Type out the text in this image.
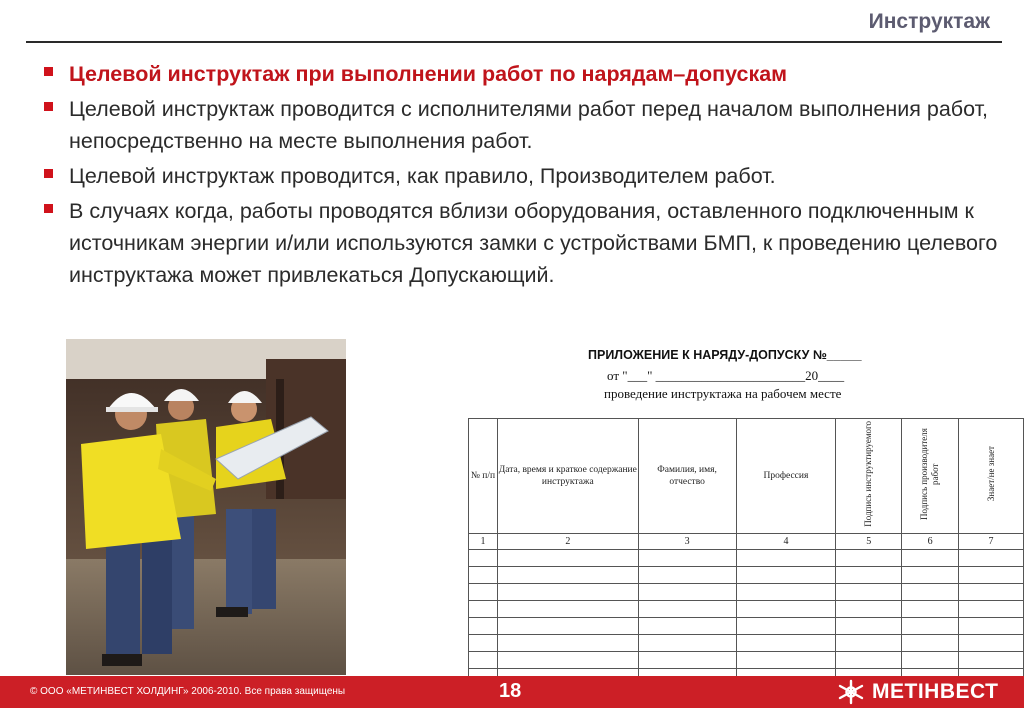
Инструктаж
Целевой инструктаж при выполнении работ по нарядам–допускам
Целевой инструктаж проводится с исполнителями работ перед началом выполнения работ, непосредственно на месте выполнения работ.
Целевой инструктаж проводится, как правило, Производителем работ.
В случаях когда, работы проводятся вблизи оборудования, оставленного подключенным к источникам энергии и/или используются замки с устройствами БМП, к проведению целевого инструктажа может привлекаться Допускающий.
ПРИЛОЖЕНИЕ К НАРЯДУ-ДОПУСКУ №_____
от "___" _______________________20____
проведение инструктажа на рабочем месте
№ п/п	Дата, время и краткое содержание инструктажа	Фамилия, имя, отчество	Профессия	Подпись инструктируемого	Подпись производителя работ	Знает/не знает
1	2	3	4	5	6	7

© ООО «МЕТИНВЕСТ ХОЛДИНГ» 2006-2010. Все права защищены	18	МЕТІНВЕСТ
